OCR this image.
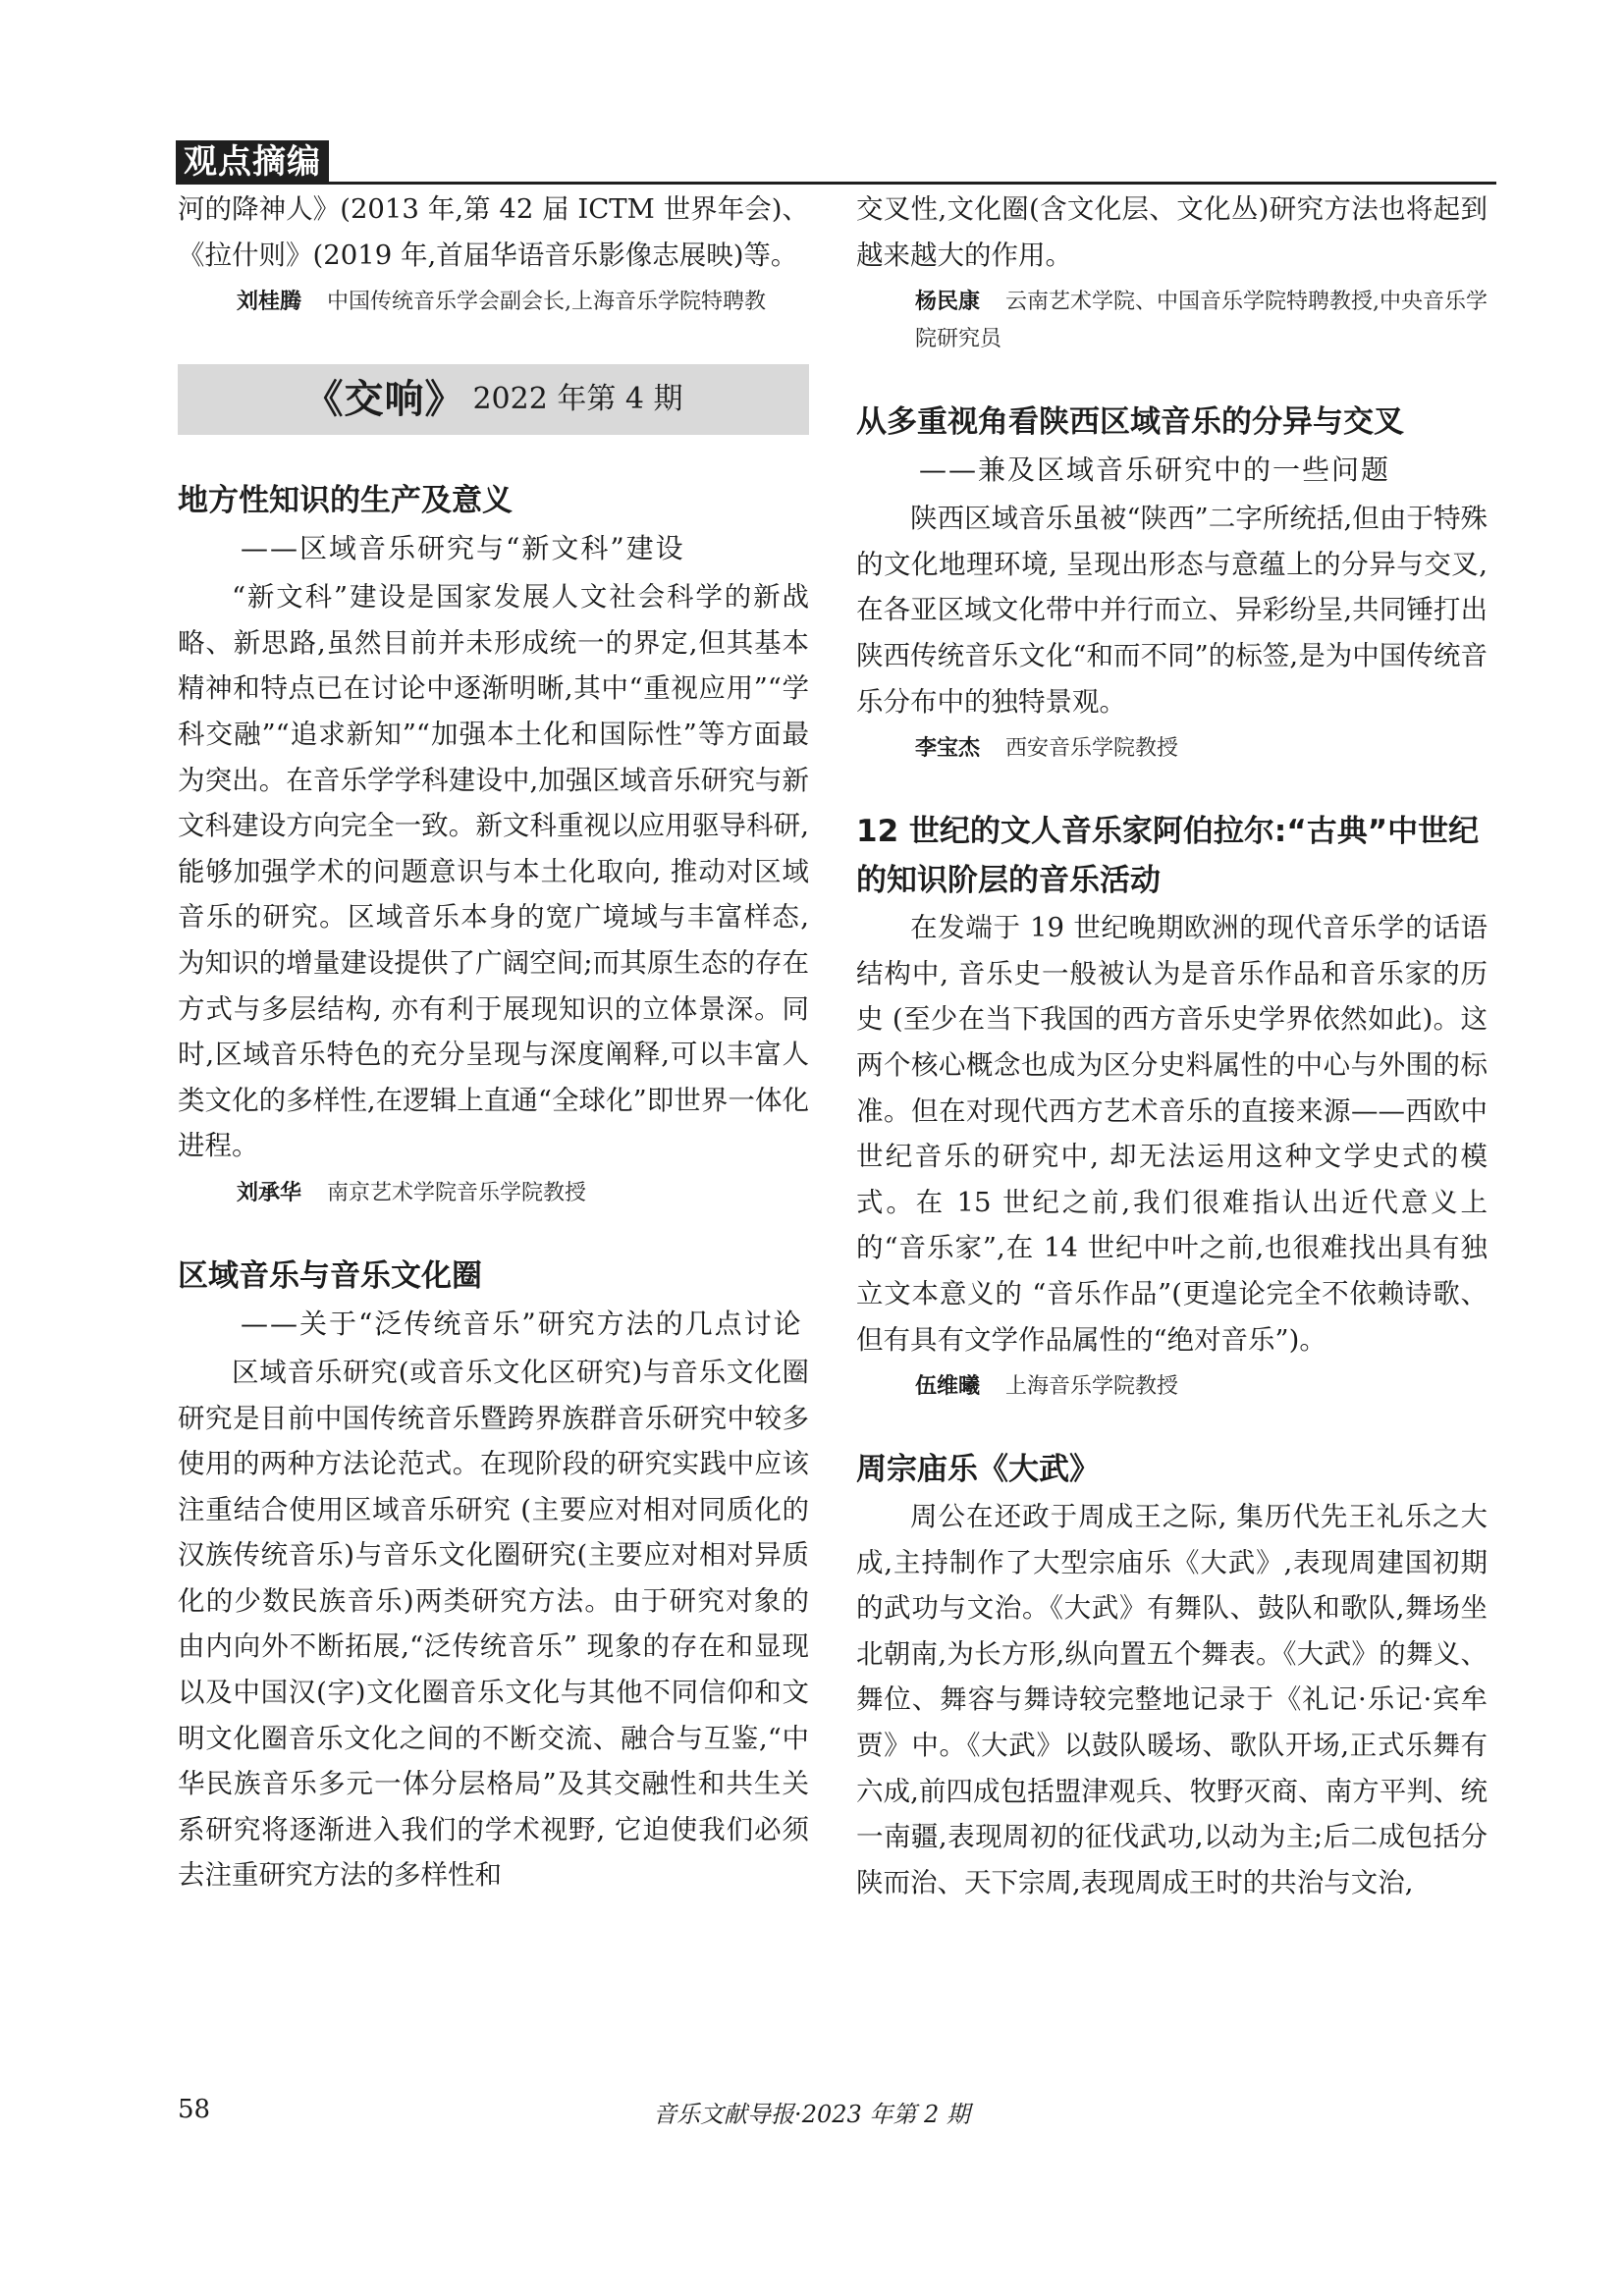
观点摘编

河的降神人》(2013 年,第 42 届 ICTM 世界年会)、《拉什则》(2019 年,首届华语音乐影像志展映)等。

刘桂腾 中国传统音乐学会副会长,上海音乐学院特聘教
《交响》 2022 年第 4 期
地方性知识的生产及意义
——区域音乐研究与“新文科”建设

“新文科”建设是国家发展人文社会科学的新战略、新思路,虽然目前并未形成统一的界定,但其基本精神和特点已在讨论中逐渐明晰,其中“重视应用”“学科交融”“追求新知”“加强本土化和国际性”等方面最为突出。在音乐学学科建设中,加强区域音乐研究与新文科建设方向完全一致。新文科重视以应用驱导科研, 能够加强学术的问题意识与本土化取向, 推动对区域音乐的研究。区域音乐本身的宽广境域与丰富样态, 为知识的增量建设提供了广阔空间;而其原生态的存在方式与多层结构, 亦有利于展现知识的立体景深。同时,区域音乐特色的充分呈现与深度阐释,可以丰富人类文化的多样性,在逻辑上直通“全球化”即世界一体化进程。

刘承华 南京艺术学院音乐学院教授
区域音乐与音乐文化圈
——关于“泛传统音乐”研究方法的几点讨论

区域音乐研究(或音乐文化区研究)与音乐文化圈研究是目前中国传统音乐暨跨界族群音乐研究中较多使用的两种方法论范式。在现阶段的研究实践中应该注重结合使用区域音乐研究 (主要应对相对同质化的汉族传统音乐)与音乐文化圈研究(主要应对相对异质化的少数民族音乐)两类研究方法。由于研究对象的由内向外不断拓展,“泛传统音乐” 现象的存在和显现以及中国汉(字)文化圈音乐文化与其他不同信仰和文明文化圈音乐文化之间的不断交流、融合与互鉴,“中华民族音乐多元一体分层格局”及其交融性和共生关系研究将逐渐进入我们的学术视野, 它迫使我们必须去注重研究方法的多样性和

交叉性,文化圈(含文化层、文化丛)研究方法也将起到越来越大的作用。

杨民康 云南艺术学院、中国音乐学院特聘教授,中央音乐学院研究员
从多重视角看陕西区域音乐的分异与交叉
——兼及区域音乐研究中的一些问题

陕西区域音乐虽被“陕西”二字所统括,但由于特殊的文化地理环境, 呈现出形态与意蕴上的分异与交叉,在各亚区域文化带中并行而立、异彩纷呈,共同锤打出陕西传统音乐文化“和而不同”的标签,是为中国传统音乐分布中的独特景观。

李宝杰 西安音乐学院教授
12 世纪的文人音乐家阿伯拉尔:“古典”中世纪的知识阶层的音乐活动

在发端于 19 世纪晚期欧洲的现代音乐学的话语结构中, 音乐史一般被认为是音乐作品和音乐家的历史 (至少在当下我国的西方音乐史学界依然如此)。这两个核心概念也成为区分史料属性的中心与外围的标准。但在对现代西方艺术音乐的直接来源——西欧中世纪音乐的研究中, 却无法运用这种文学史式的模式。在 15 世纪之前,我们很难指认出近代意义上的“音乐家”,在 14 世纪中叶之前,也很难找出具有独立文本意义的 “音乐作品”(更遑论完全不依赖诗歌、但有具有文学作品属性的“绝对音乐”)。

伍维曦 上海音乐学院教授
周宗庙乐《大武》

周公在还政于周成王之际, 集历代先王礼乐之大成,主持制作了大型宗庙乐《大武》,表现周建国初期的武功与文治。《大武》有舞队、鼓队和歌队,舞场坐北朝南,为长方形,纵向置五个舞表。《大武》的舞义、舞位、舞容与舞诗较完整地记录于《礼记·乐记·宾牟贾》中。《大武》以鼓队暖场、歌队开场,正式乐舞有六成,前四成包括盟津观兵、牧野灭商、南方平判、统一南疆,表现周初的征伐武功,以动为主;后二成包括分陕而治、天下宗周,表现周成王时的共治与文治,

58	音乐文献导报·2023 年第 2 期
